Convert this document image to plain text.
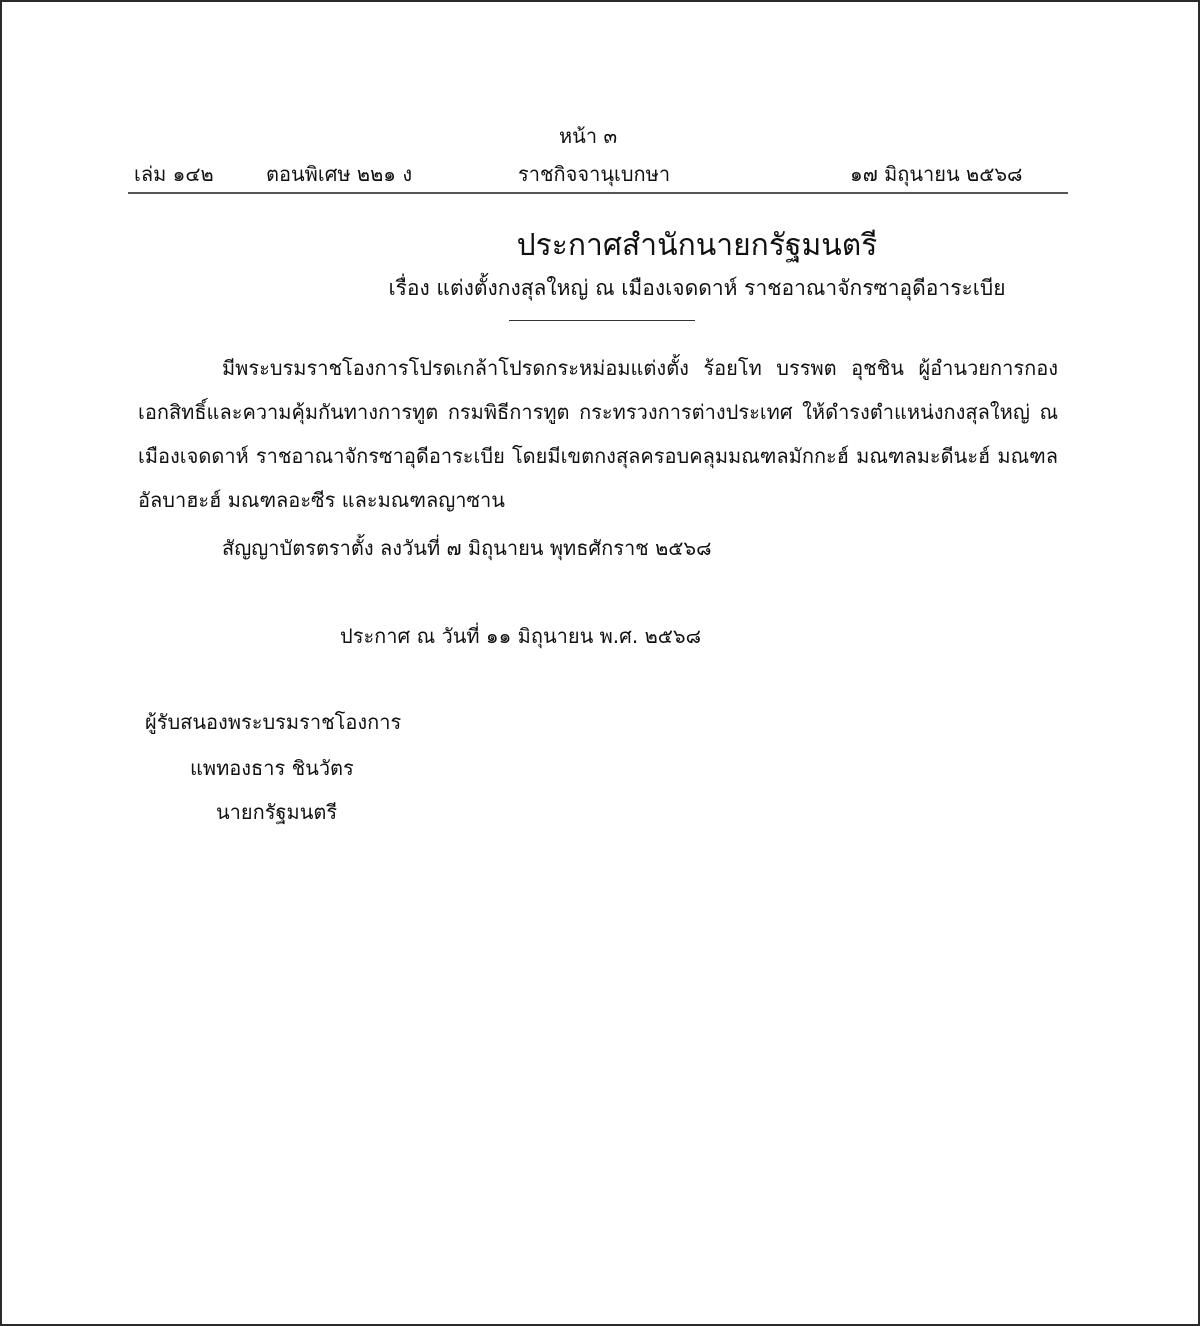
หน้า ๓
เล่ม ๑๔๒	ตอนพิเศษ ๒๒๑ ง	ราชกิจจานุเบกษา	๑๗ มิถุนายน ๒๕๖๘
ประกาศสำนักนายกรัฐมนตรี
เรื่อง แต่งตั้งกงสุลใหญ่ ณ เมืองเจดดาห์ ราชอาณาจักรซาอุดีอาระเบีย
มีพระบรมราชโองการโปรดเกล้าโปรดกระหม่อมแต่งตั้ง ร้อยโท บรรพต อุชชิน ผู้อำนวยการกองเอกสิทธิ์และความคุ้มกันทางการทูต กรมพิธีการทูต กระทรวงการต่างประเทศ ให้ดำรงตำแหน่งกงสุลใหญ่ ณ เมืองเจดดาห์ ราชอาณาจักรซาอุดีอาระเบีย โดยมีเขตกงสุลครอบคลุมมณฑลมักกะฮ์ มณฑลมะดีนะฮ์ มณฑลอัลบาฮะฮ์ มณฑลอะซีร และมณฑลญาซาน
สัญญาบัตรตราตั้ง ลงวันที่ ๗ มิถุนายน พุทธศักราช ๒๕๖๘
ประกาศ ณ วันที่ ๑๑ มิถุนายน พ.ศ. ๒๕๖๘
ผู้รับสนองพระบรมราชโองการ
แพทองธาร ชินวัตร
นายกรัฐมนตรี
